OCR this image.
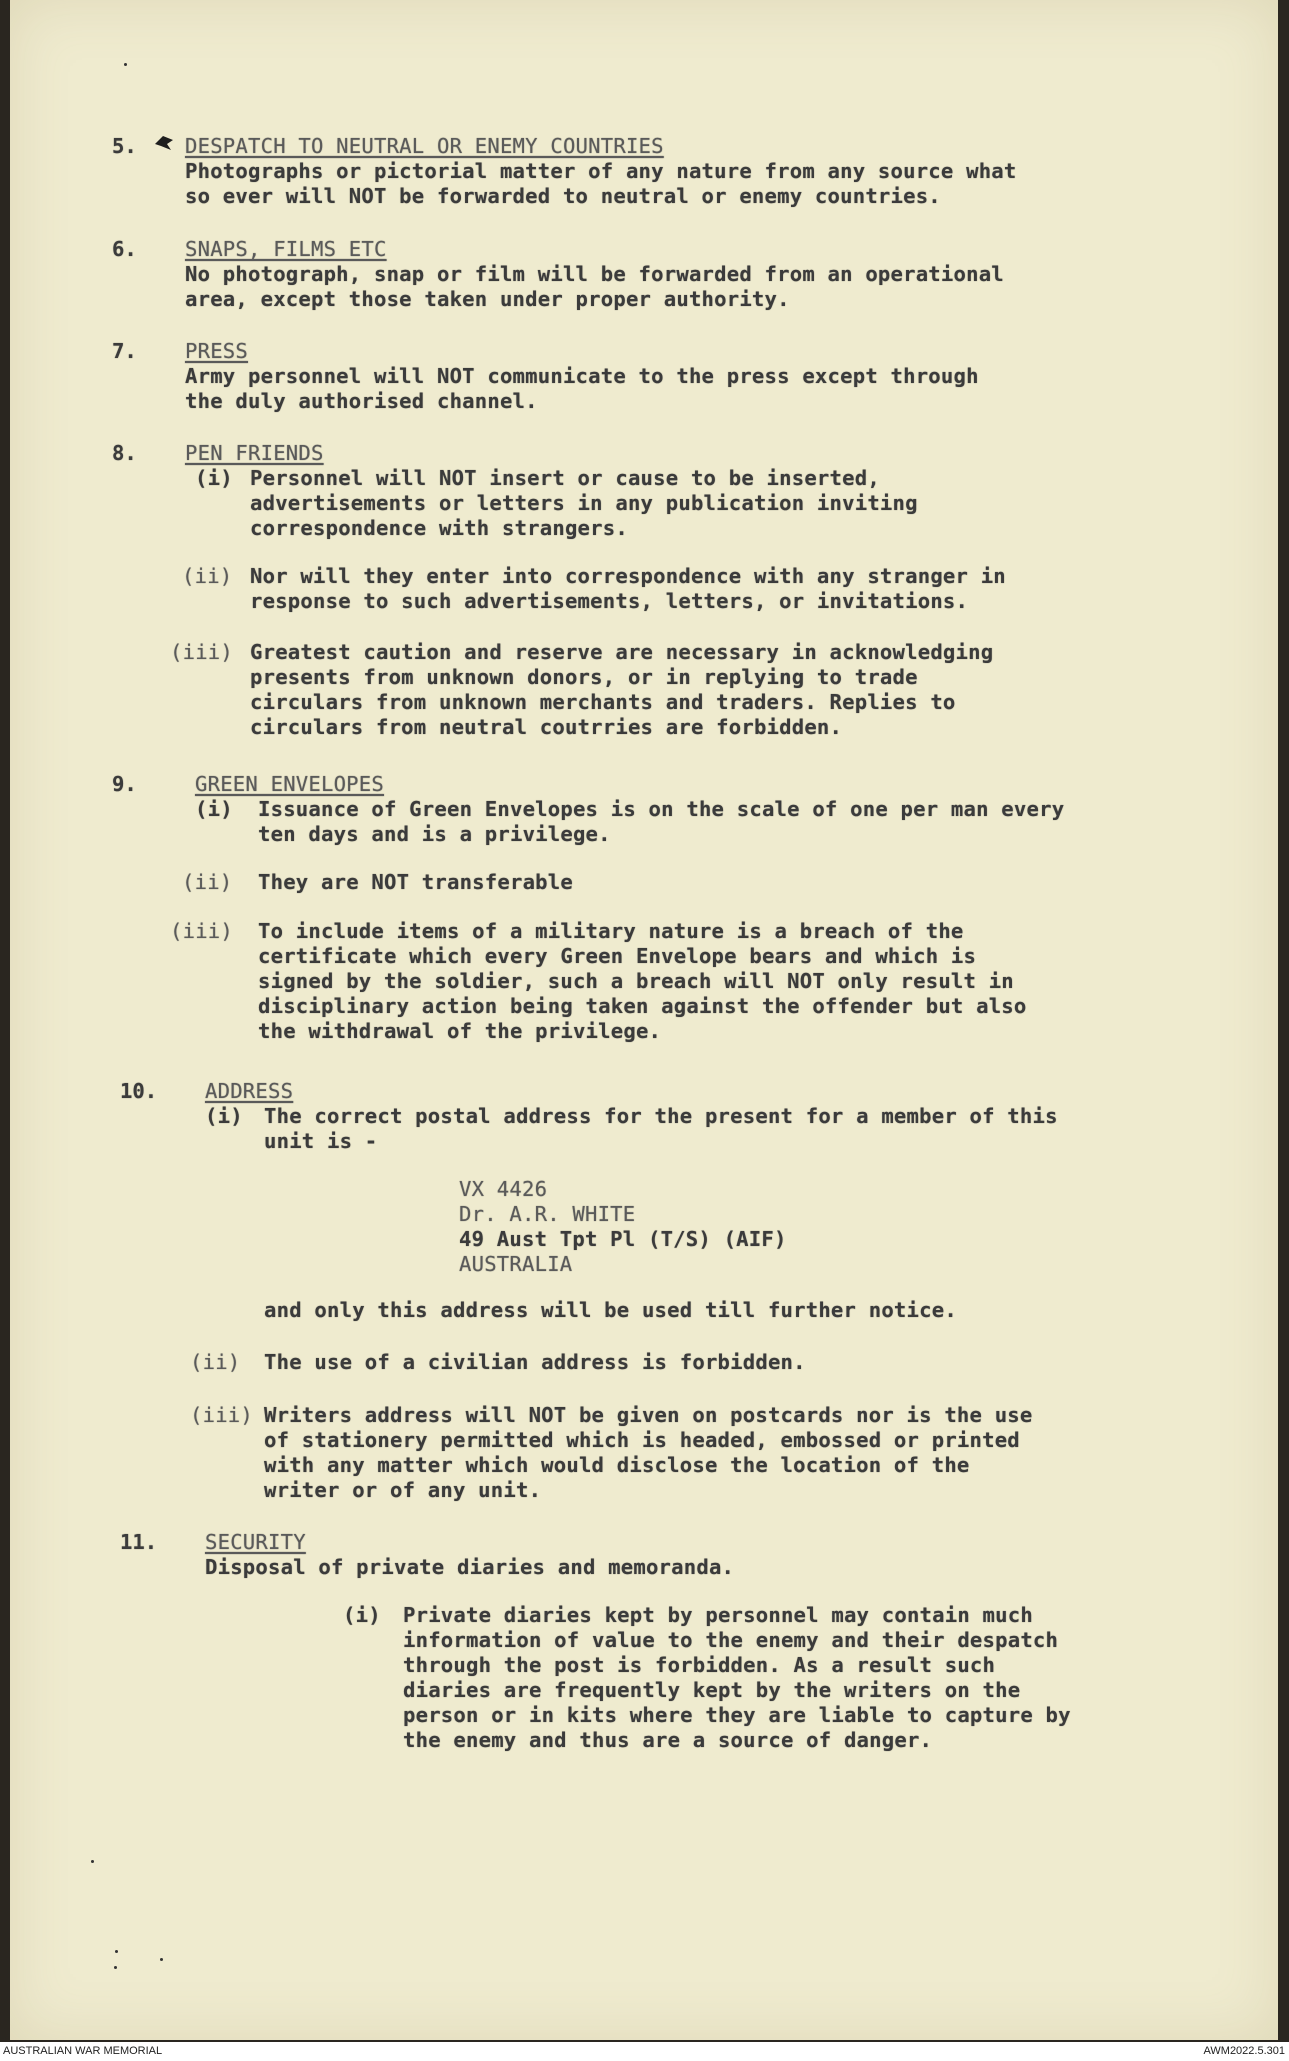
5. DESPATCH TO NEUTRAL OR ENEMY COUNTRIES

Photographs or pictorial matter of any nature from any source what

so ever will NOT be forwarded to neutral or enemy countries.

6. SNAPS, FILMS ETC

No photograph, snap or film will be forwarded from an operational

area, except those taken under proper authority.

7. PRESS

Army personnel will NOT communicate to the press except through

the duly authorised channel.

8. PEN FRIENDS

(i) Personnel will NOT insert or cause to be inserted,

advertisements or letters in any publication inviting

correspondence with strangers.

(ii) Nor will they enter into correspondence with any stranger in

response to such advertisements, letters, or invitations.

(iii) Greatest caution and reserve are necessary in acknowledging

presents from unknown donors, or in replying to trade

circulars from unknown merchants and traders. Replies to

circulars from neutral coutrries are forbidden.

9.	GREEN ENVELOPES

(i) Issuance of Green Envelopes is on the scale of one per man every

ten days and is a privilege.

(ii) They are NOT transferable

(iii) To include items of a military nature is a breach of the

certificate which every Green Envelope bears and which is

signed by the soldier, such a breach will NOT only result in

disciplinary action being taken against the offender but also

the withdrawal of the privilege.

10. ADDRESS

(i) The correct postal address for the present for a member of this

unit is -

VX 4426

Dr. A.R. WHITE

49 Aust Tpt Pl (T/S) (AIF)

AUSTRALIA

and only this address will be used till further notice.

(ii) The use of a civilian address is forbidden.

(iii) Writers address will NOT be given on postcards nor is the use

of stationery permitted which is headed, embossed or printed

with any matter which would disclose the location of the

writer or of any unit.

11. SECURITY

Disposal of private diaries and memoranda.

(i) Private diaries kept by personnel may contain much

information of value to the enemy and their despatch

through the post is forbidden. As a result such

diaries are frequently kept by the writers on the

person or in kits where they are liable to capture by

the enemy and thus are a source of danger.

AUSTRALIAN WAR MEMORIAL	AWM2022.5.301
